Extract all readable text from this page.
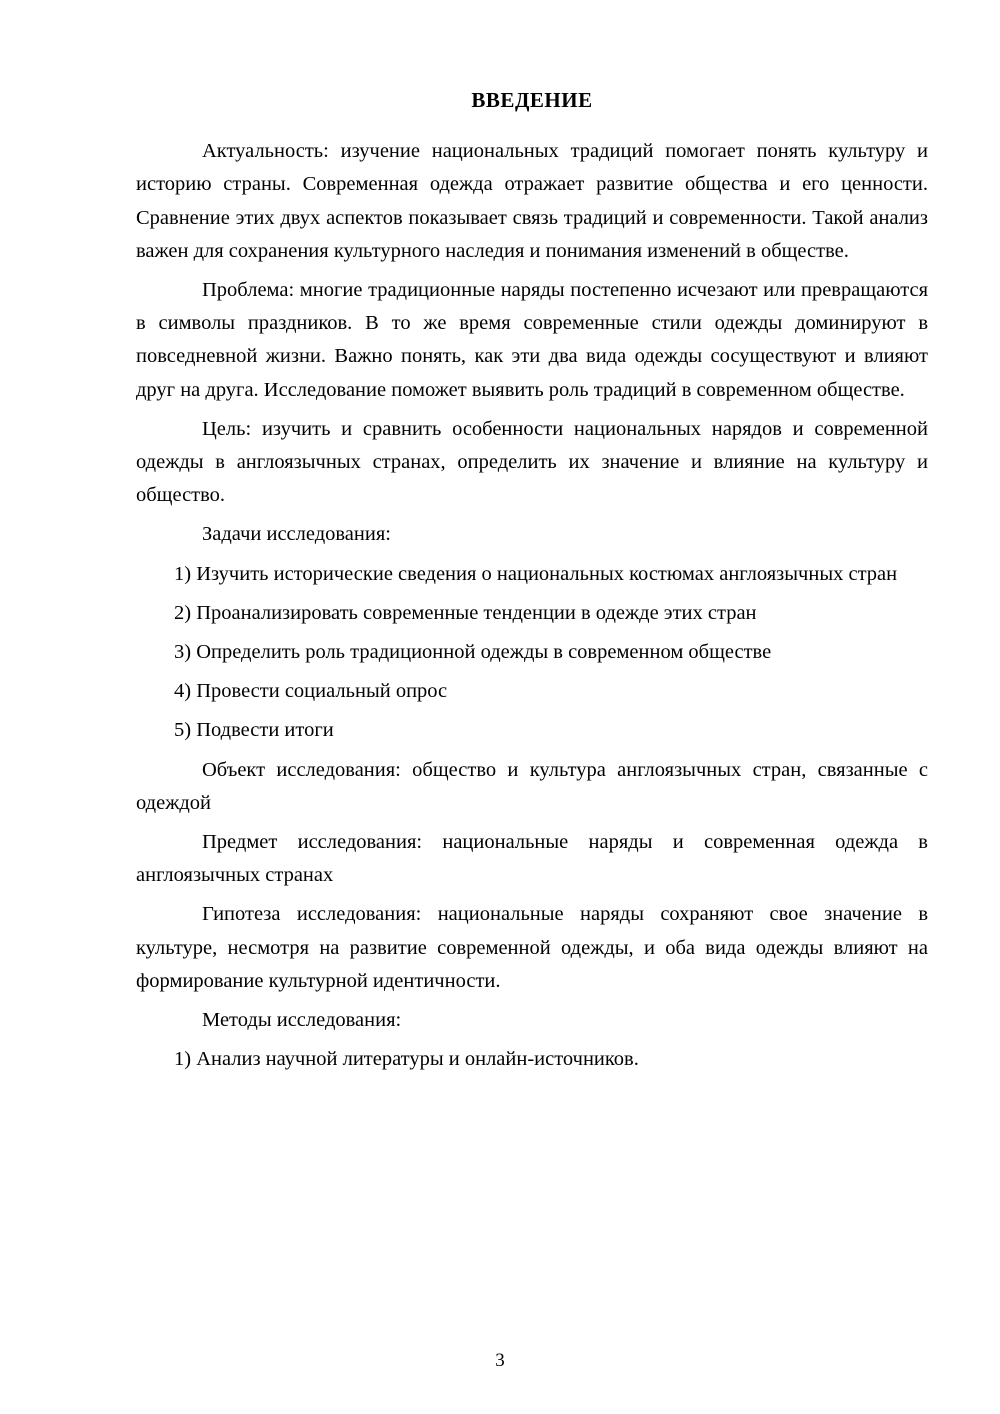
ВВЕДЕНИЕ

Актуальность: изучение национальных традиций помогает понять культуру и историю страны. Современная одежда отражает развитие общества и его ценности. Сравнение этих двух аспектов показывает связь традиций и современности. Такой анализ важен для сохранения культурного наследия и понимания изменений в обществе.

Проблема: многие традиционные наряды постепенно исчезают или превращаются в символы праздников. В то же время современные стили одежды доминируют в повседневной жизни. Важно понять, как эти два вида одежды сосуществуют и влияют друг на друга. Исследование поможет выявить роль традиций в современном обществе.

Цель: изучить и сравнить особенности национальных нарядов и современной одежды в англоязычных странах, определить их значение и влияние на культуру и общество.

Задачи исследования:

1) Изучить исторические сведения о национальных костюмах англоязычных стран

2) Проанализировать современные тенденции в одежде этих стран

3) Определить роль традиционной одежды в современном обществе

4) Провести социальный опрос

5) Подвести итоги

Объект исследования: общество и культура англоязычных стран, связанные с одеждой

Предмет исследования: национальные наряды и современная одежда в англоязычных странах

Гипотеза исследования: национальные наряды сохраняют свое значение в культуре, несмотря на развитие современной одежды, и оба вида одежды влияют на формирование культурной идентичности.

Методы исследования:

1) Анализ научной литературы и онлайн-источников.

3
